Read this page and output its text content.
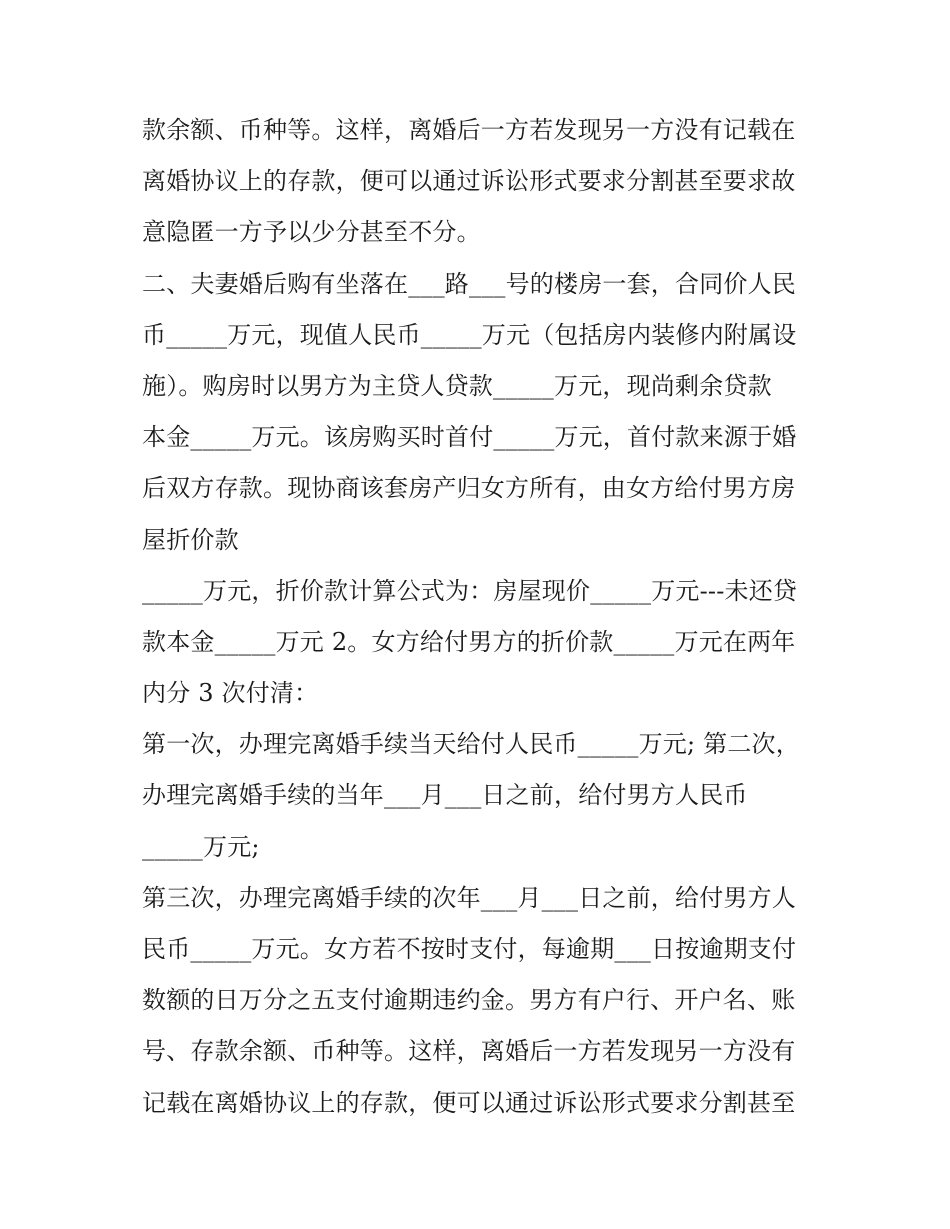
款余额、币种等。这样，离婚后一方若发现另一方没有记载在
离婚协议上的存款，便可以通过诉讼形式要求分割甚至要求故
意隐匿一方予以少分甚至不分。
二、夫妻婚后购有坐落在___路___号的楼房一套，合同价人民
币_____万元，现值人民币_____万元（包括房内装修内附属设
施）。购房时以男方为主贷人贷款_____万元，现尚剩余贷款
本金_____万元。该房购买时首付_____万元，首付款来源于婚
后双方存款。现协商该套房产归女方所有，由女方给付男方房
屋折价款
_____万元，折价款计算公式为：房屋现价_____万元---未还贷
款本金_____万元 2。女方给付男方的折价款_____万元在两年
内分 3 次付清：
第一次，办理完离婚手续当天给付人民币_____万元; 第二次，
办理完离婚手续的当年___月___日之前，给付男方人民币
_____万元;
第三次，办理完离婚手续的次年___月___日之前，给付男方人
民币_____万元。女方若不按时支付，每逾期___日按逾期支付
数额的日万分之五支付逾期违约金。男方有户行、开户名、账
号、存款余额、币种等。这样，离婚后一方若发现另一方没有
记载在离婚协议上的存款，便可以通过诉讼形式要求分割甚至
